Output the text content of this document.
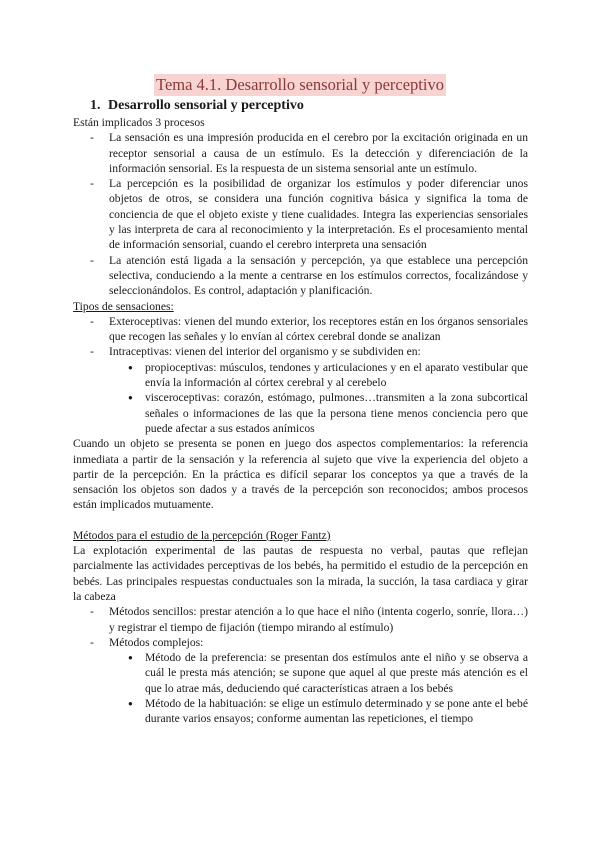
Tema 4.1. Desarrollo sensorial y perceptivo
1. Desarrollo sensorial y perceptivo

Están implicados 3 procesos

- La sensación es una impresión producida en el cerebro por la excitación originada en un receptor sensorial a causa de un estímulo. Es la detección y diferenciación de la información sensorial. Es la respuesta de un sistema sensorial ante un estímulo.
- La percepción es la posibilidad de organizar los estímulos y poder diferenciar unos objetos de otros, se considera una función cognitiva básica y significa la toma de conciencia de que el objeto existe y tiene cualidades. Integra las experiencias sensoriales y las interpreta de cara al reconocimiento y la interpretación. Es el procesamiento mental de información sensorial, cuando el cerebro interpreta una sensación
- La atención está ligada a la sensación y percepción, ya que establece una percepción selectiva, conduciendo a la mente a centrarse en los estímulos correctos, focalizándose y seleccionándolos. Es control, adaptación y planificación.

Tipos de sensaciones:

- Exteroceptivas: vienen del mundo exterior, los receptores están en los órganos sensoriales que recogen las señales y lo envían al córtex cerebral donde se analizan
- Intraceptivas: vienen del interior del organismo y se subdividen en:
● propioceptivas: músculos, tendones y articulaciones y en el aparato vestibular que envía la información al córtex cerebral y al cerebelo
● visceroceptivas: corazón, estómago, pulmones…transmiten a la zona subcortical señales o informaciones de las que la persona tiene menos conciencia pero que puede afectar a sus estados anímicos

Cuando un objeto se presenta se ponen en juego dos aspectos complementarios: la referencia inmediata a partir de la sensación y la referencia al sujeto que vive la experiencia del objeto a partir de la percepción. En la práctica es difícil separar los conceptos ya que a través de la sensación los objetos son dados y a través de la percepción son reconocidos; ambos procesos están implicados mutuamente.

Métodos para el estudio de la percepción (Roger Fantz)

La explotación experimental de las pautas de respuesta no verbal, pautas que reflejan parcialmente las actividades perceptivas de los bebés, ha permitido el estudio de la percepción en bebés. Las principales respuestas conductuales son la mirada, la succión, la tasa cardiaca y girar la cabeza

- Métodos sencillos: prestar atención a lo que hace el niño (intenta cogerlo, sonríe, llora…) y registrar el tiempo de fijación (tiempo mirando al estímulo)
- Métodos complejos:
● Método de la preferencia: se presentan dos estímulos ante el niño y se observa a cuál le presta más atención; se supone que aquel al que preste más atención es el que lo atrae más, deduciendo qué características atraen a los bebés
● Método de la habituación: se elige un estímulo determinado y se pone ante el bebé durante varios ensayos; conforme aumentan las repeticiones, el tiempo
